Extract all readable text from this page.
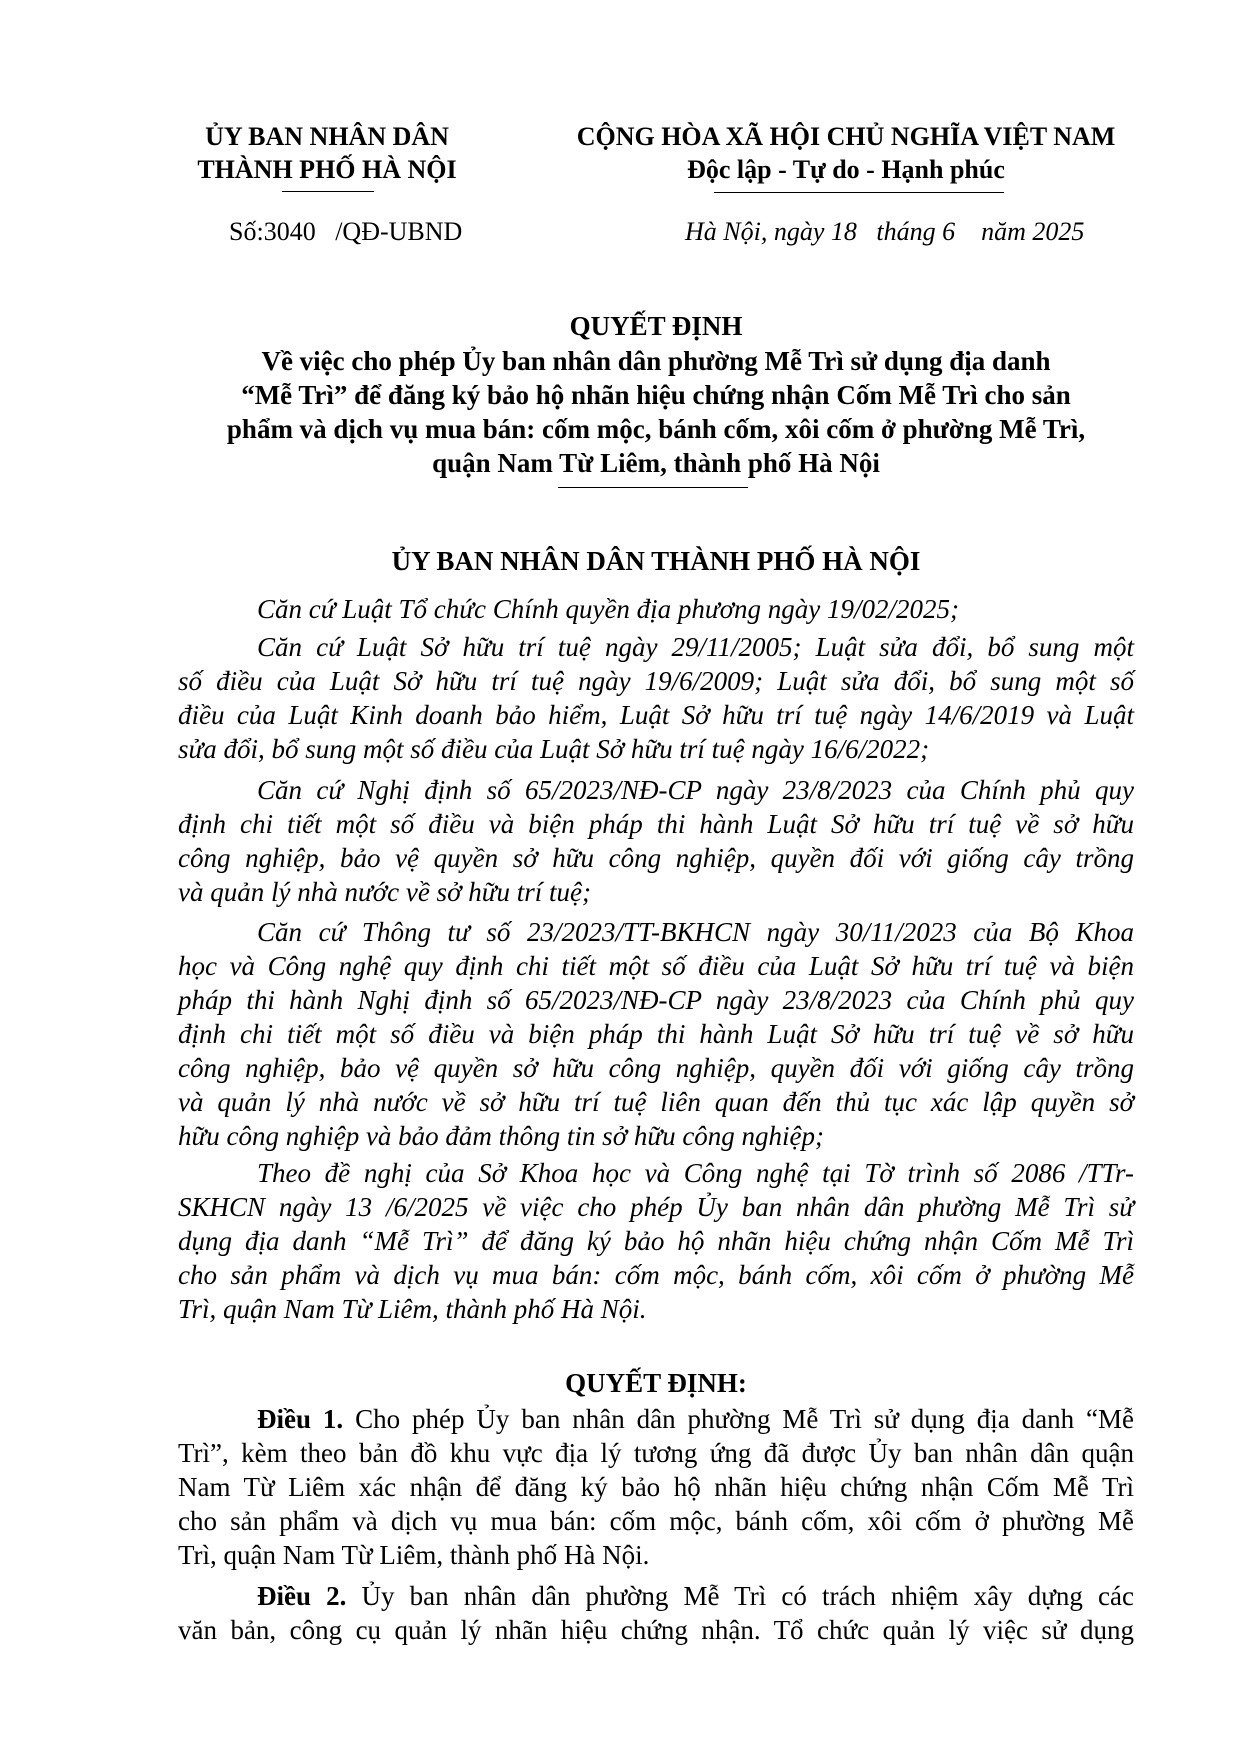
ỦY BAN NHÂN DÂN
THÀNH PHỐ HÀ NỘI
CỘNG HÒA XÃ HỘI CHỦ NGHĨA VIỆT NAM
Độc lập - Tự do - Hạnh phúc
Số:3040 /QĐ-UBND	Hà Nội, ngày 18   tháng 6    năm 2025
QUYẾT ĐỊNH
Về việc cho phép Ủy ban nhân dân phường Mễ Trì sử dụng địa danh
“Mễ Trì” để đăng ký bảo hộ nhãn hiệu chứng nhận Cốm Mễ Trì cho sản
phẩm và dịch vụ mua bán: cốm mộc, bánh cốm, xôi cốm ở phường Mễ Trì,
quận Nam Từ Liêm, thành phố Hà Nội
ỦY BAN NHÂN DÂN THÀNH PHỐ HÀ NỘI
Căn cứ Luật Tổ chức Chính quyền địa phương ngày 19/02/2025;
Căn cứ Luật Sở hữu trí tuệ ngày 29/11/2005; Luật sửa đổi, bổ sung một
số điều của Luật Sở hữu trí tuệ ngày 19/6/2009; Luật sửa đổi, bổ sung một số
điều của Luật Kinh doanh bảo hiểm, Luật Sở hữu trí tuệ ngày 14/6/2019 và Luật
sửa đổi, bổ sung một số điều của Luật Sở hữu trí tuệ ngày 16/6/2022;
Căn cứ Nghị định số 65/2023/NĐ-CP ngày 23/8/2023 của Chính phủ quy
định chi tiết một số điều và biện pháp thi hành Luật Sở hữu trí tuệ về sở hữu
công nghiệp, bảo vệ quyền sở hữu công nghiệp, quyền đối với giống cây trồng
và quản lý nhà nước về sở hữu trí tuệ;
Căn cứ Thông tư số 23/2023/TT-BKHCN ngày 30/11/2023 của Bộ Khoa
học và Công nghệ quy định chi tiết một số điều của Luật Sở hữu trí tuệ và biện
pháp thi hành Nghị định số 65/2023/NĐ-CP ngày 23/8/2023 của Chính phủ quy
định chi tiết một số điều và biện pháp thi hành Luật Sở hữu trí tuệ về sở hữu
công nghiệp, bảo vệ quyền sở hữu công nghiệp, quyền đối với giống cây trồng
và quản lý nhà nước về sở hữu trí tuệ liên quan đến thủ tục xác lập quyền sở
hữu công nghiệp và bảo đảm thông tin sở hữu công nghiệp;
Theo đề nghị của Sở Khoa học và Công nghệ tại Tờ trình số 2086 /TTr-
SKHCN ngày 13 /6/2025 về việc cho phép Ủy ban nhân dân phường Mễ Trì sử
dụng địa danh “Mễ Trì” để đăng ký bảo hộ nhãn hiệu chứng nhận Cốm Mễ Trì
cho sản phẩm và dịch vụ mua bán: cốm mộc, bánh cốm, xôi cốm ở phường Mễ
Trì, quận Nam Từ Liêm, thành phố Hà Nội.
QUYẾT ĐỊNH:
Điều 1. Cho phép Ủy ban nhân dân phường Mễ Trì sử dụng địa danh “Mễ
Trì”, kèm theo bản đồ khu vực địa lý tương ứng đã được Ủy ban nhân dân quận
Nam Từ Liêm xác nhận để đăng ký bảo hộ nhãn hiệu chứng nhận Cốm Mễ Trì
cho sản phẩm và dịch vụ mua bán: cốm mộc, bánh cốm, xôi cốm ở phường Mễ
Trì, quận Nam Từ Liêm, thành phố Hà Nội.
Điều 2. Ủy ban nhân dân phường Mễ Trì có trách nhiệm xây dựng các
văn bản, công cụ quản lý nhãn hiệu chứng nhận. Tổ chức quản lý việc sử dụng
